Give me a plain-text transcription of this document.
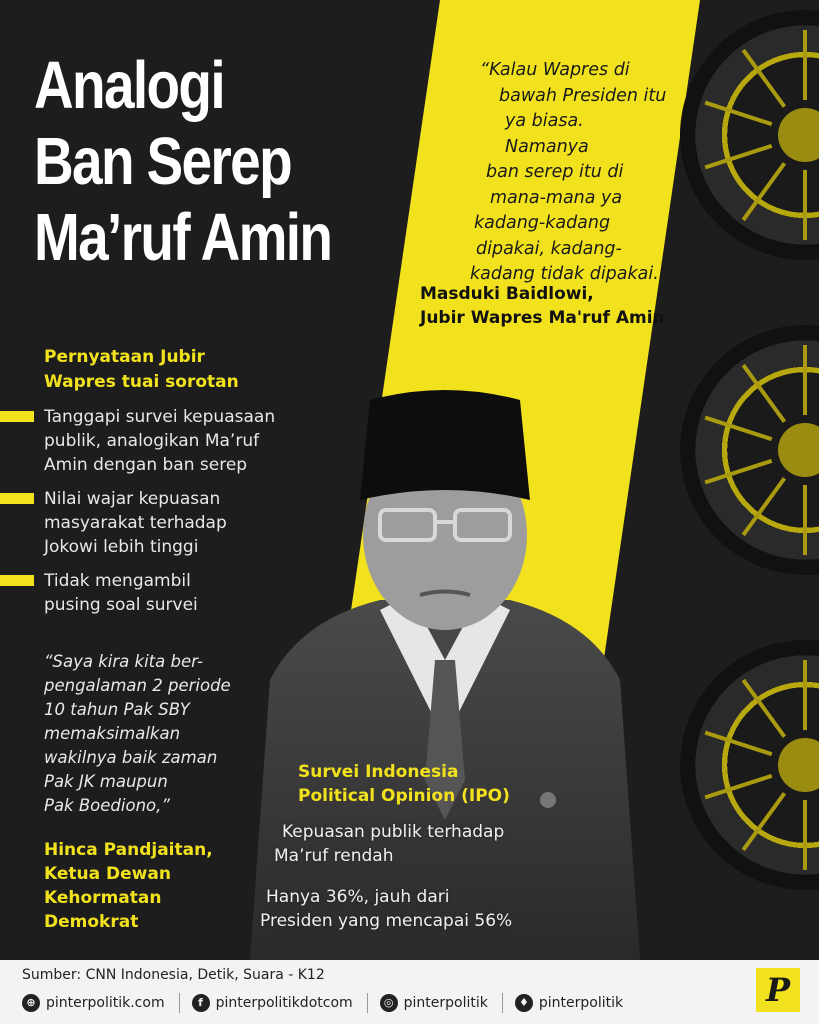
Analogi
Ban Serep
Ma’ruf Amin

“Kalau Wapres di
bawah Presiden itu
ya biasa. Namanya
ban serep itu di
mana-mana ya
kadang-kadang
dipakai, kadang-
kadang tidak dipakai.”

Masduki Baidlowi,
Jubir Wapres Ma'ruf Amin
Pernyataan Jubir
Wapres tuai sorotan
Tanggapi survei kepuasaan
publik, analogikan Ma’ruf
Amin dengan ban serep
Nilai wajar kepuasan
masyarakat terhadap
Jokowi lebih tinggi
Tidak mengambil
pusing soal survei
“Saya kira kita ber-
pengalaman 2 periode
10 tahun Pak SBY
memaksimalkan
wakilnya baik zaman
Pak JK maupun
Pak Boediono,”
Hinca Pandjaitan,
Ketua Dewan
Kehormatan
Demokrat
Survei Indonesia
Political Opinion (IPO)
Kepuasan publik terhadap
Ma’ruf rendah
Hanya 36%, jauh dari
Presiden yang mencapai 56%
Sumber: CNN Indonesia, Detik, Suara - K12
⊕ pinterpolitik.com	f pinterpolitikdotcom	◎ pinterpolitik	♦ pinterpolitik	P
